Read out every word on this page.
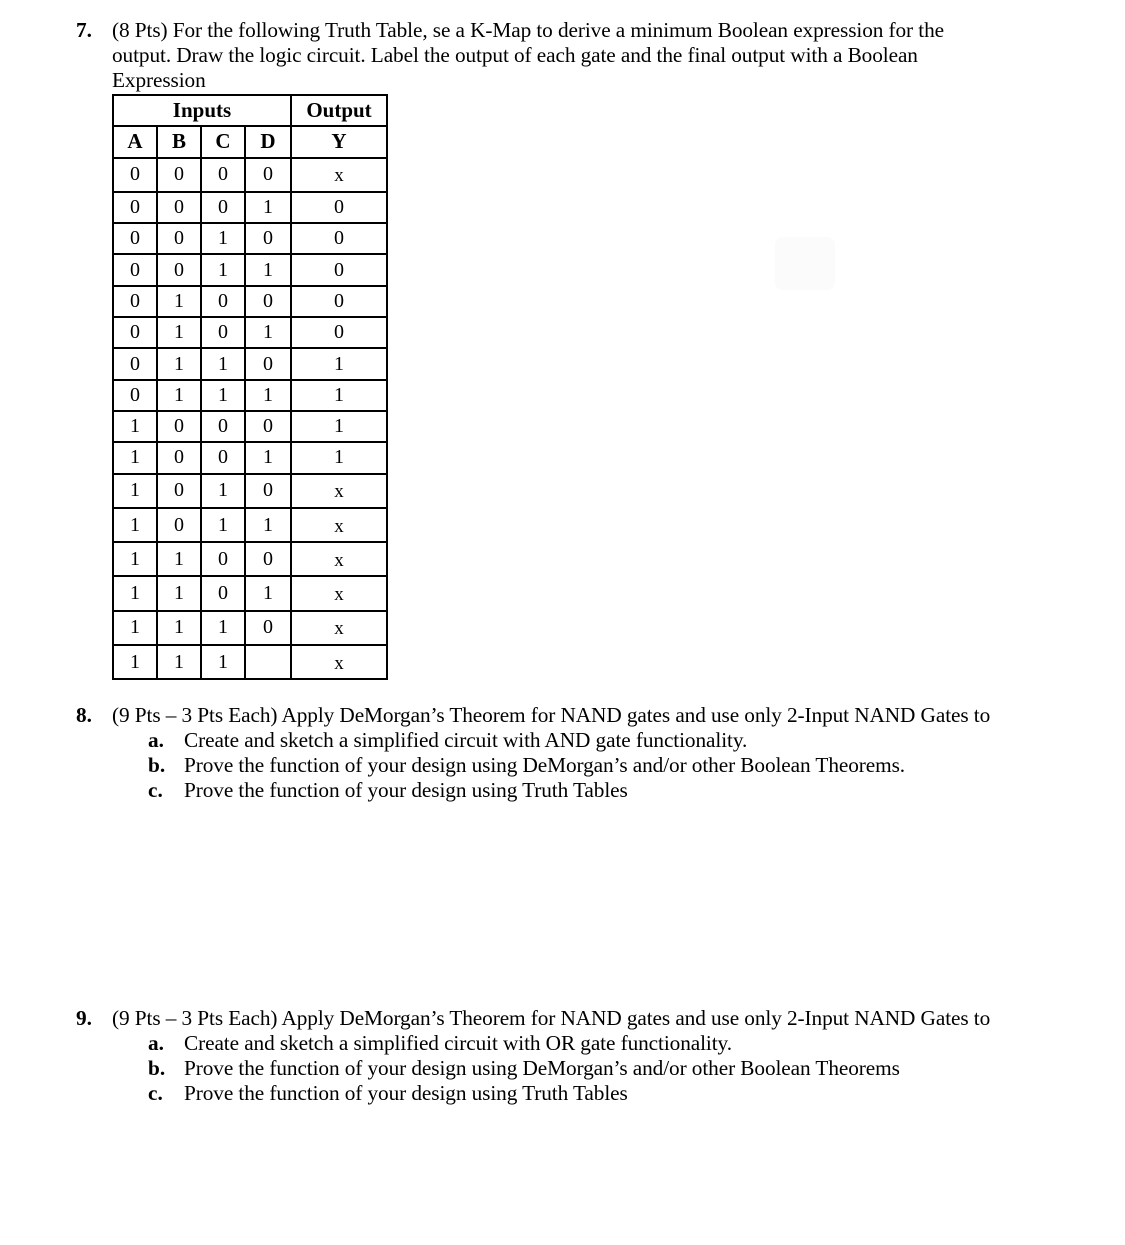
7. (8 Pts) For the following Truth Table, se a K-Map to derive a minimum Boolean expression for the
output. Draw the logic circuit. Label the output of each gate and the final output with a Boolean
Expression
Inputs				Output
A	B	C	D	Y
0	0	0	0	x
0	0	0	1	0
0	0	1	0	0
0	0	1	1	0
0	1	0	0	0
0	1	0	1	0
0	1	1	0	1
0	1	1	1	1
1	0	0	0	1
1	0	0	1	1
1	0	1	0	x
1	0	1	1	x
1	1	0	0	x
1	1	0	1	x
1	1	1	0	x
1	1	1		x
8. (9 Pts – 3 Pts Each) Apply DeMorgan’s Theorem for NAND gates and use only 2-Input NAND Gates to
a. Create and sketch a simplified circuit with AND gate functionality.
b. Prove the function of your design using DeMorgan’s and/or other Boolean Theorems.
c. Prove the function of your design using Truth Tables
9. (9 Pts – 3 Pts Each) Apply DeMorgan’s Theorem for NAND gates and use only 2-Input NAND Gates to
a. Create and sketch a simplified circuit with OR gate functionality.
b. Prove the function of your design using DeMorgan’s and/or other Boolean Theorems
c. Prove the function of your design using Truth Tables
